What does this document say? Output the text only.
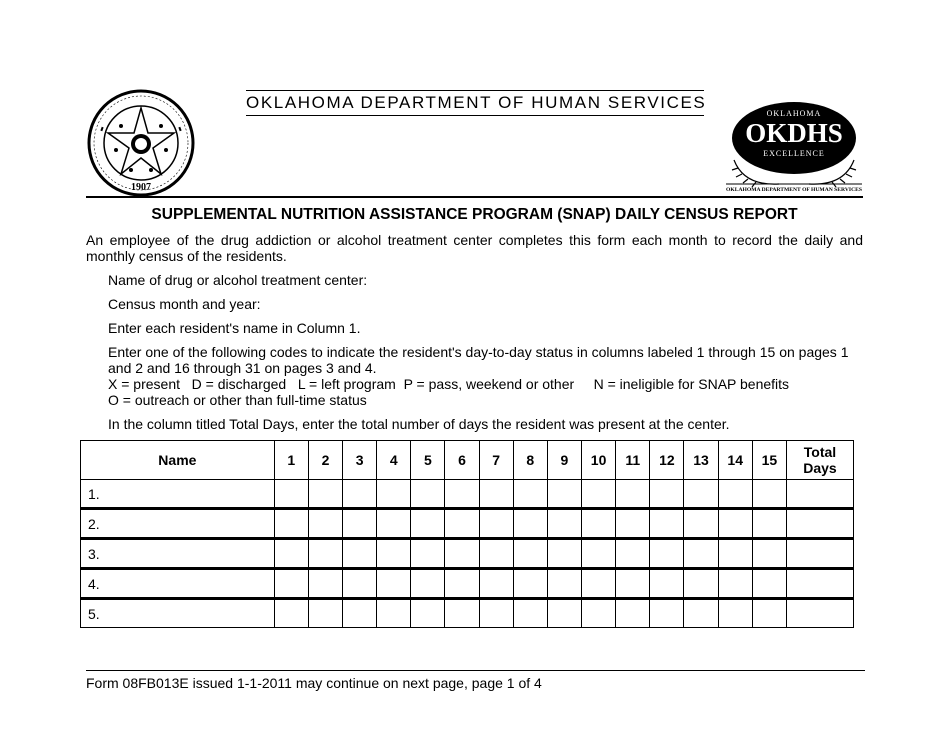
1907
OKLAHOMA DEPARTMENT OF HUMAN SERVICES
OKLAHOMA
OKDHS
EXCELLENCE
OKLAHOMA DEPARTMENT OF HUMAN SERVICES
SUPPLEMENTAL NUTRITION ASSISTANCE PROGRAM (SNAP) DAILY CENSUS REPORT
An employee of the drug addiction or alcohol treatment center completes this form each month to record the daily and monthly census of the residents.
Name of drug or alcohol treatment center:
Census month and year:
Enter each resident's name in Column 1.
Enter one of the following codes to indicate the resident's day-to-day status in columns labeled 1 through 15 on pages 1 and 2 and 16 through 31 on pages 3 and 4.
X = present   D = discharged   L = left program  P = pass, weekend or other     N = ineligible for SNAP benefits
O = outreach or other than full-time status
In the column titled Total Days, enter the total number of days the resident was present at the center.
Name	1	2	3	4	5	6	7	8	9	10	11	12	13	14	15	Total
Days

1.																
2.																
3.																
4.																
5.																
Form 08FB013E issued 1-1-2011 may continue on next page, page 1 of 4
